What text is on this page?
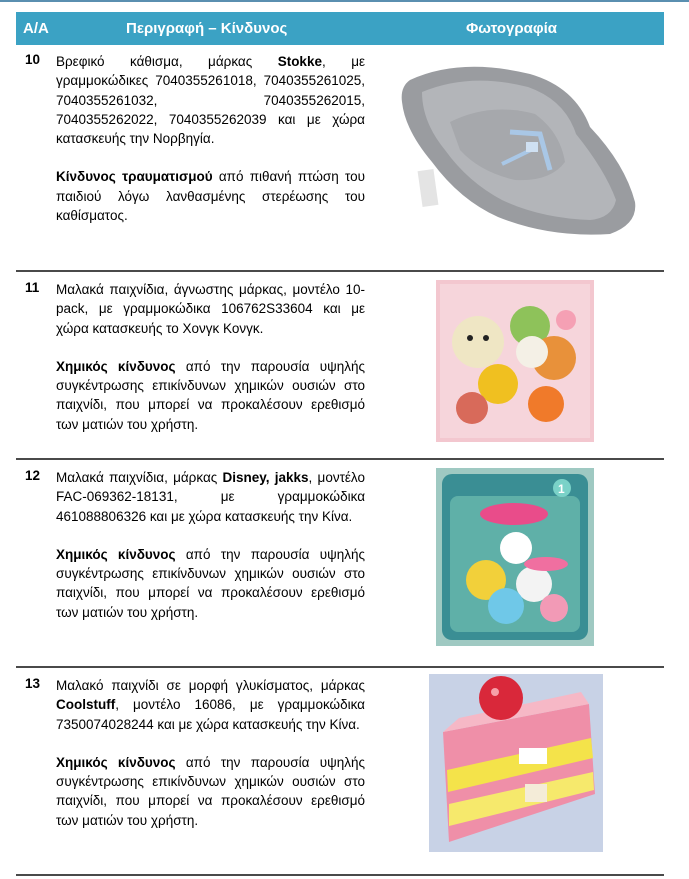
Α/Α	Περιγραφή – Κίνδυνος	Φωτογραφία
10 Βρεφικό κάθισμα, μάρκας Stokke, με γραμμοκώδικες 7040355261018, 7040355261025, 7040355261032, 7040355262015, 7040355262022, 7040355262039 και με χώρα κατασκευής την Νορβηγία.

Κίνδυνος τραυματισμού από πιθανή πτώση του παιδιού λόγω λανθασμένης στερέωσης του καθίσματος.

11 Μαλακά παιχνίδια, άγνωστης μάρκας, μοντέλο 10-pack, με γραμμοκώδικα 106762S33604 και με χώρα κατασκευής το Χονγκ Κονγκ.

Χημικός κίνδυνος από την παρουσία υψηλής συγκέντρωσης επικίνδυνων χημικών ουσιών στο παιχνίδι, που μπορεί να προκαλέσουν ερεθισμό των ματιών του χρήστη.

12 Μαλακά παιχνίδια, μάρκας Disney, jakks, μοντέλο FAC-069362-18131, με γραμμοκώδικα 461088806326 και με χώρα κατασκευής την Κίνα.

Χημικός κίνδυνος από την παρουσία υψηλής συγκέντρωσης επικίνδυνων χημικών ουσιών στο παιχνίδι, που μπορεί να προκαλέσουν ερεθισμό των ματιών του χρήστη.

1
13 Μαλακό παιχνίδι σε μορφή γλυκίσματος, μάρκας Coolstuff, μοντέλο 16086, με γραμμοκώδικα 7350074028244 και με χώρα κατασκευής την Κίνα.

Χημικός κίνδυνος από την παρουσία υψηλής συγκέντρωσης επικίνδυνων χημικών ουσιών στο παιχνίδι, που μπορεί να προκαλέσουν ερεθισμό των ματιών του χρήστη.
